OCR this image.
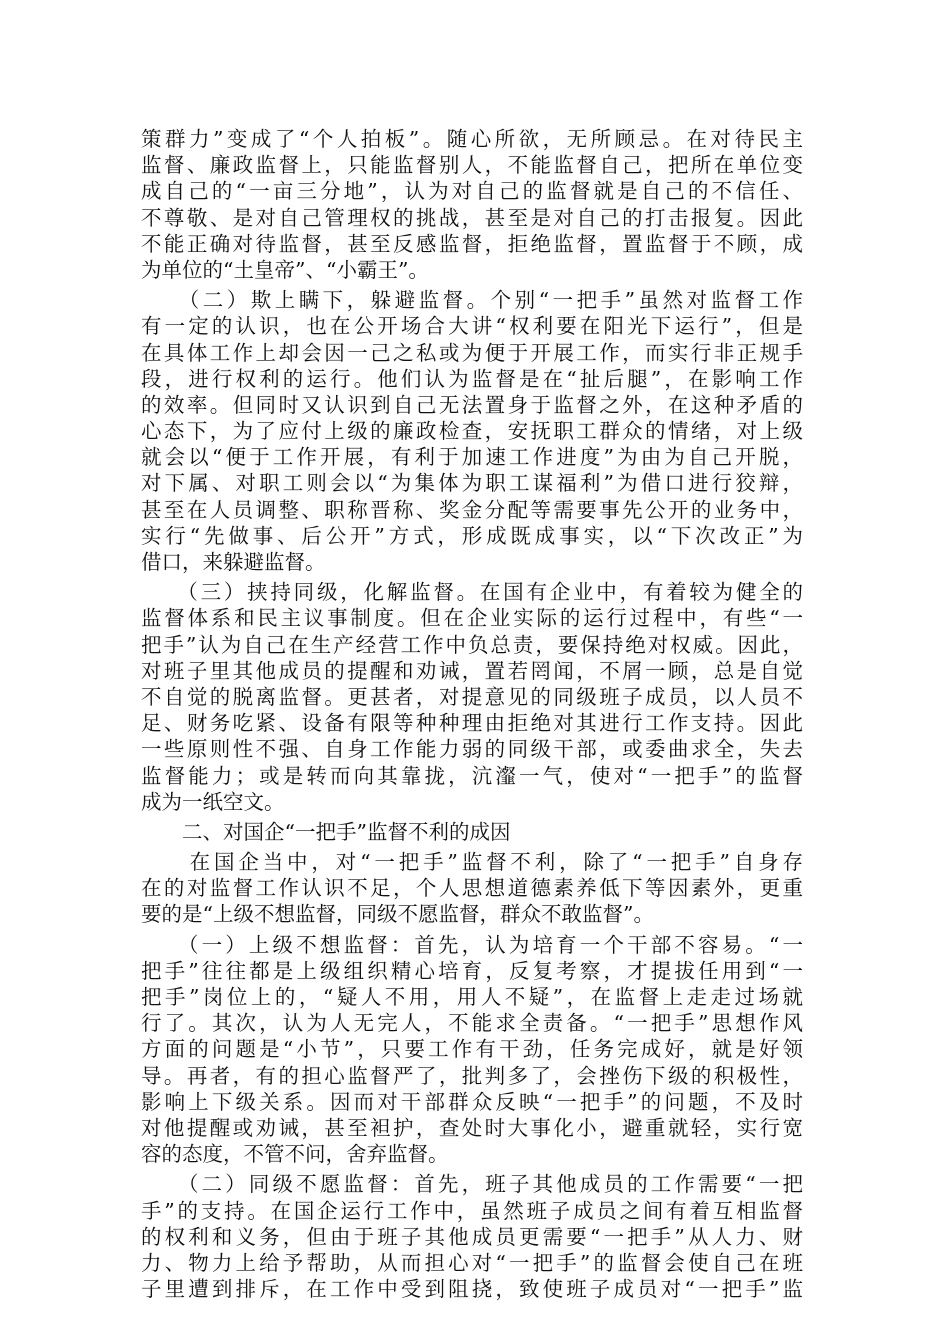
策群力”变成了“个人拍板”。随心所欲，无所顾忌。在对待民主
监督、廉政监督上，只能监督别人，不能监督自己，把所在单位变
成自己的“一亩三分地”，认为对自己的监督就是自己的不信任、
不尊敬、是对自己管理权的挑战，甚至是对自己的打击报复。因此
不能正确对待监督，甚至反感监督，拒绝监督，置监督于不顾，成
为单位的“土皇帝”、“小霸王”。
　　（二）欺上瞒下，躲避监督。个别“一把手”虽然对监督工作
有一定的认识，也在公开场合大讲“权利要在阳光下运行”，但是
在具体工作上却会因一己之私或为便于开展工作，而实行非正规手
段，进行权利的运行。他们认为监督是在“扯后腿”，在影响工作
的效率。但同时又认识到自己无法置身于监督之外，在这种矛盾的
心态下，为了应付上级的廉政检查，安抚职工群众的情绪，对上级
就会以“便于工作开展，有利于加速工作进度”为由为自己开脱，
对下属、对职工则会以“为集体为职工谋福利”为借口进行狡辩，
甚至在人员调整、职称晋称、奖金分配等需要事先公开的业务中，
实行“先做事、后公开”方式，形成既成事实，以“下次改正”为
借口，来躲避监督。
　　（三）挟持同级，化解监督。在国有企业中，有着较为健全的
监督体系和民主议事制度。但在企业实际的运行过程中，有些“一
把手”认为自己在生产经营工作中负总责，要保持绝对权威。因此，
对班子里其他成员的提醒和劝诫，置若罔闻，不屑一顾，总是自觉
不自觉的脱离监督。更甚者，对提意见的同级班子成员，以人员不
足、财务吃紧、设备有限等种种理由拒绝对其进行工作支持。因此
一些原则性不强、自身工作能力弱的同级干部，或委曲求全，失去
监督能力；或是转而向其靠拢，沆瀣一气，使对“一把手”的监督
成为一纸空文。
　　二、对国企“一把手”监督不利的成因
　　在国企当中，对“一把手”监督不利，除了“一把手”自身存
在的对监督工作认识不足，个人思想道德素养低下等因素外，更重
要的是“上级不想监督，同级不愿监督，群众不敢监督”。
　　（一）上级不想监督：首先，认为培育一个干部不容易。“一
把手”往往都是上级组织精心培育，反复考察，才提拔任用到“一
把手”岗位上的，“疑人不用，用人不疑”，在监督上走走过场就
行了。其次，认为人无完人，不能求全责备。“一把手”思想作风
方面的问题是“小节”，只要工作有干劲，任务完成好，就是好领
导。再者，有的担心监督严了，批判多了，会挫伤下级的积极性，
影响上下级关系。因而对干部群众反映“一把手”的问题，不及时
对他提醒或劝诫，甚至袒护，查处时大事化小，避重就轻，实行宽
容的态度，不管不问，舍弃监督。
　　（二）同级不愿监督：首先，班子其他成员的工作需要“一把
手”的支持。在国企运行工作中，虽然班子成员之间有着互相监督
的权利和义务，但由于班子其他成员更需要“一把手”从人力、财
力、物力上给予帮助，从而担心对“一把手”的监督会使自己在班
子里遭到排斥，在工作中受到阻挠，致使班子成员对“一把手”监
